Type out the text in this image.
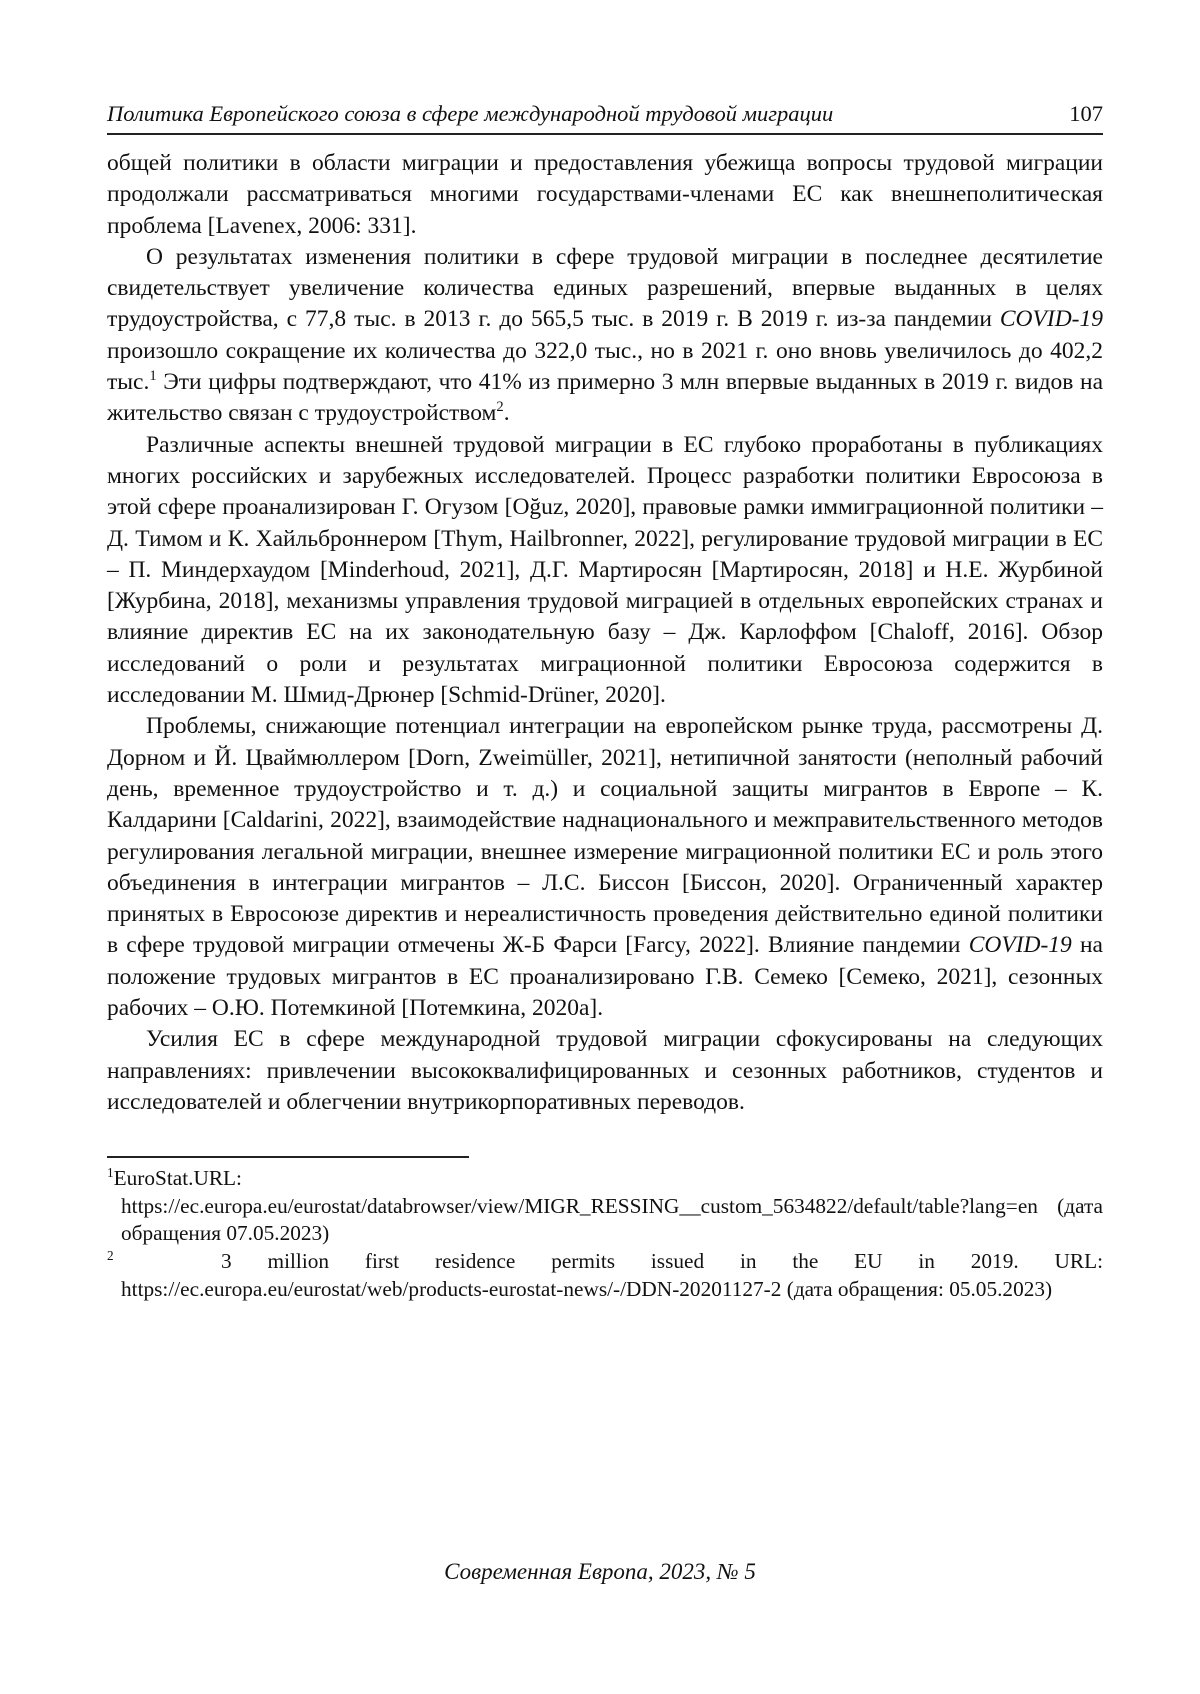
Политика Европейского союза в сфере международной трудовой миграции	107

общей политики в области миграции и предоставления убежища вопросы трудовой миграции продолжали рассматриваться многими государствами-членами ЕС как внешнеполитическая проблема [Lavenex, 2006: 331].

О результатах изменения политики в сфере трудовой миграции в последнее десятилетие свидетельствует увеличение количества единых разрешений, впервые выданных в целях трудоустройства, с 77,8 тыс. в 2013 г. до 565,5 тыс. в 2019 г. В 2019 г. из-за пандемии COVID-19 произошло сокращение их количества до 322,0 тыс., но в 2021 г. оно вновь увеличилось до 402,2 тыс.$^1$ Эти цифры подтверждают, что 41% из примерно 3 млн впервые выданных в 2019 г. видов на жительство связан с трудоустройством$^2$.

Различные аспекты внешней трудовой миграции в ЕС глубоко проработаны в публикациях многих российских и зарубежных исследователей. Процесс разработки политики Евросоюза в этой сфере проанализирован Г. Огузом [Oğuz, 2020], правовые рамки иммиграционной политики – Д. Тимом и К. Хайльброннером [Thym, Hailbronner, 2022], регулирование трудовой миграции в ЕС – П. Миндерхаудом [Minderhoud, 2021], Д.Г. Мартиросян [Мартиросян, 2018] и Н.Е. Журбиной [Журбина, 2018], механизмы управления трудовой миграцией в отдельных европейских странах и влияние директив ЕС на их законодательную базу – Дж. Карлоффом [Chaloff, 2016]. Обзор исследований о роли и результатах миграционной политики Евросоюза содержится в исследовании М. Шмид-Дрюнер [Schmid-Drüner, 2020].

Проблемы, снижающие потенциал интеграции на европейском рынке труда, рассмотрены Д. Дорном и Й. Цваймюллером [Dorn, Zweimüller, 2021], нетипичной занятости (неполный рабочий день, временное трудоустройство и т. д.) и социальной защиты мигрантов в Европе – К. Калдарини [Caldarini, 2022], взаимодействие наднационального и межправительственного методов регулирования легальной миграции, внешнее измерение миграционной политики ЕС и роль этого объединения в интеграции мигрантов – Л.С. Биссон [Биссон, 2020]. Ограниченный характер принятых в Евросоюзе директив и нереалистичность проведения действительно единой политики в сфере трудовой миграции отмечены Ж-Б Фарси [Farcy, 2022]. Влияние пандемии COVID-19 на положение трудовых мигрантов в ЕС проанализировано Г.В. Семеко [Семеко, 2021], сезонных рабочих – О.Ю. Потемкиной [Потемкина, 2020a].

Усилия ЕС в сфере международной трудовой миграции сфокусированы на следующих направлениях: привлечении высококвалифицированных и сезонных работников, студентов и исследователей и облегчении внутрикорпоративных переводов.

$^1$EuroStat.URL:
https://ec.europa.eu/eurostat/databrowser/view/MIGR_RESSING__custom_5634822/default/table?lang=en (дата обращения 07.05.2023)
$^2$	3 million first residence permits issued in the EU in 2019. URL:
https://ec.europa.eu/eurostat/web/products-eurostat-news/-/DDN-20201127-2 (дата обращения: 05.05.2023)
Современная Европа, 2023, № 5
